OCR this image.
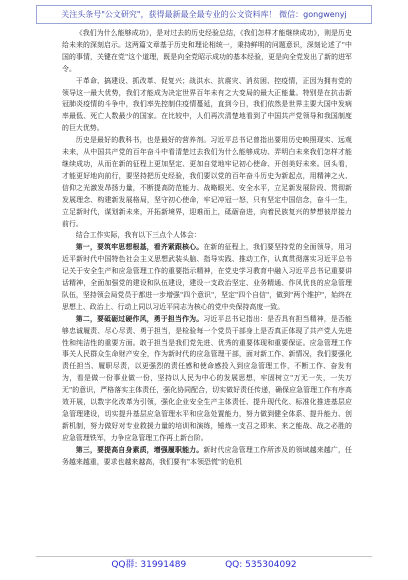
关注头条号"公文研究"，获得最新最全最专业的公文资料库！ 微信：gongwenyj

《我们为什么能够成功》，是对过去的历史经验总结，《我们怎样才能继续成功》，则是历史给未来的深刻启示。这两篇文章基于历史和理论相统一，秉持鲜明的问题意识，深刻论述了"中国的事情，关键在党"这个道理，既是向全党昭示成功的基本经验，更是向全党发出了新的进军令。

干革命、搞建设、抓改革、促复兴；战洪水、抗震灾、消贫困、控疫情，正因为拥有党的领导这一最大优势，我们才能成为决定世界百年未有之大变局的最大正能量。特别是在抗击新冠肺炎疫情的斗争中，我们率先控制住疫情蔓延，直到今日，我们依然是世界主要大国中发病率最低、死亡人数最少的国家。在比较中，人们再次清楚地看到了中国共产党领导和我国制度的巨大优势。

历史是最好的教科书，也是最好的营养剂。习近平总书记曾指出要用历史映照现实、远观未来，从中国共产党的百年奋斗中看清楚过去我们为什么能够成功、弄明白未来我们怎样才能继续成功，从而在新的征程上更加坚定、更加自觉地牢记初心使命、开创美好未来。回头看，才能更好地向前行，要坚持把历史经验，我们要以党的百年奋斗历史为新起点，用精神之火、信仰之光激发昂扬力量，不断提高防范能力、战略眼光、安全水平，立足新发展阶段、贯彻新发展理念、构建新发展格局，坚守初心使命，牢记冲冠一怒，只有坚定中国信念，奋斗一生，立足新时代，谋划新未来，开拓新境界，迎难而上，砥砺奋进，向着民族复兴的梦想彼岸接力前行。

结合工作实际，我有以下三点个人体会：

第一，要筑牢思想根基，看齐紧跟核心。在新的征程上，我们要坚持党的全面领导，用习近平新时代中国特色社会主义思想武装头脑、指导实践、推动工作，认真贯彻落实习近平总书记关于安全生产和应急管理工作的重要指示精神，在党史学习教育中融入习近平总书记重要讲话精神，全面加强党的建设和队伍建设，建设一支政治坚定、业务精通、作风优良的应急管理队伍，坚持领会局党员于都进一步增强"四个意识"，坚定"四个自信"，做到"两个维护"，始终在思想上、政治上、行动上同以习近平同志为核心的党中央保持高度一致。

第二，要砥砺过硬作风，勇于担当作为。习近平总书记指出：是否具有担当精神，是否能够忠诚履责、尽心尽责、勇于担当，是检验每一个党员干部身上是否真正体现了共产党人先进性和纯洁性的重要方面。敢于担当是我们党先进、优秀的重要体现和重要保证。应急管理工作事关人民群众生命财产安全，作为新时代的应急管理干部，面对新工作、新情况，我们要强化责任担当、履职尽责，以更强烈的责任感和使命感投入到应急管理工作，不断工作、奋发有为，看是做一份事业做一份，坚持以人民为中心的发展思想，牢固树立"万无一失，一失万无"的意识，严格落实主体责任，强化协同配合，切实做好责任传递，确保应急管理工作有序高效开展，以数字化改革为引领，强化企业安全生产主体责任、提升现代化、标准化推进基层应急管理建设，切实提升基层应急管理水平和应急处置能力，努力做到健全体系、提升能力、创新机制，努力做好对专业救援力量的培训和演练，锤炼一支召之即来、来之能战、战之必胜的应急管理铁军，力争应急管理工作再上新台阶。

第三，要提高自身素质，增强履职能力。新时代应急管理工作所涉及的领域越来越广，任务越来越重，要求也越来越高，我们要有"本领恐慌"的危机

QQ群: 31991489	QQ: 535304092
